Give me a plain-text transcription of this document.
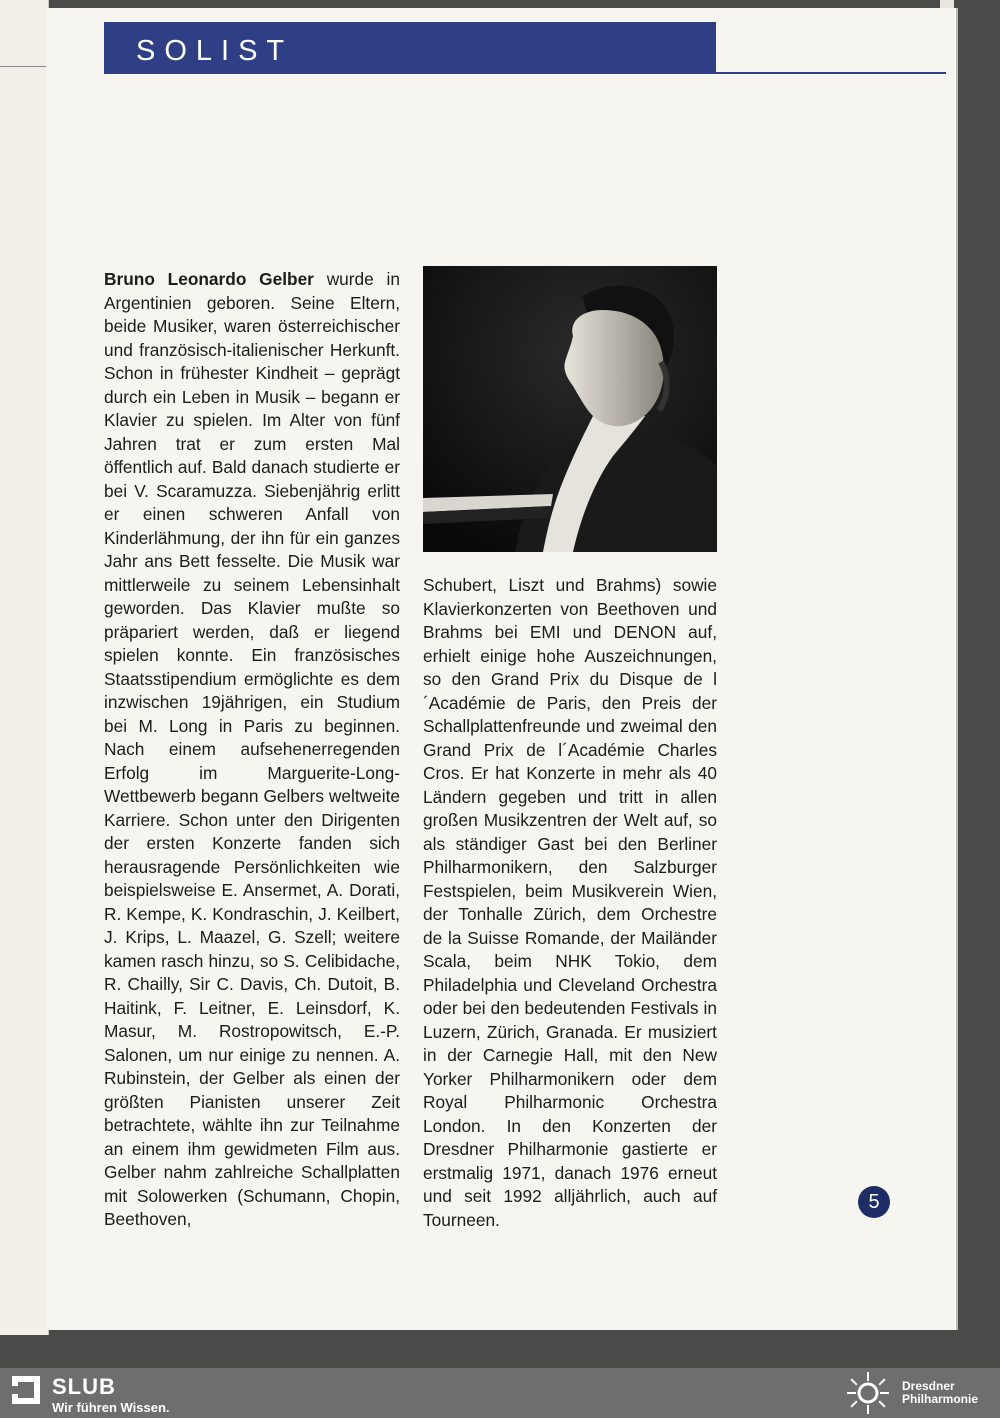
SOLIST
Bruno Leonardo Gelber wurde in Argentinien geboren. Seine Eltern, beide Musiker, waren österreichischer und französisch-italienischer Herkunft. Schon in frühester Kindheit – geprägt durch ein Leben in Musik – begann er Klavier zu spielen. Im Alter von fünf Jahren trat er zum ersten Mal öffentlich auf. Bald danach studierte er bei V. Scaramuzza. Siebenjährig erlitt er einen schweren Anfall von Kinderlähmung, der ihn für ein ganzes Jahr ans Bett fesselte. Die Musik war mittlerweile zu seinem Lebensinhalt geworden. Das Klavier mußte so präpariert werden, daß er liegend spielen konnte. Ein französisches Staatsstipendium ermöglichte es dem inzwischen 19jährigen, ein Studium bei M. Long in Paris zu beginnen. Nach einem aufsehenerregenden Erfolg im Marguerite-Long-Wettbewerb begann Gelbers weltweite Karriere. Schon unter den Dirigenten der ersten Konzerte fanden sich herausragende Persönlichkeiten wie beispielsweise E. Ansermet, A. Dorati, R. Kempe, K. Kondraschin, J. Keilbert, J. Krips, L. Maazel, G. Szell; weitere kamen rasch hinzu, so S. Celibidache, R. Chailly, Sir C. Davis, Ch. Dutoit, B. Haitink, F. Leitner, E. Leinsdorf, K. Masur, M. Rostropowitsch, E.-P. Salonen, um nur einige zu nennen. A. Rubinstein, der Gelber als einen der größten Pianisten unserer Zeit betrachtete, wählte ihn zur Teilnahme an einem ihm gewidmeten Film aus. Gelber nahm zahlreiche Schallplatten mit Solowerken (Schumann, Chopin, Beethoven,
Schubert, Liszt und Brahms) sowie Klavierkonzerten von Beethoven und Brahms bei EMI und DENON auf, erhielt einige hohe Auszeichnungen, so den Grand Prix du Disque de l´Académie de Paris, den Preis der Schallplattenfreunde und zweimal den Grand Prix de l´Académie Charles Cros. Er hat Konzerte in mehr als 40 Ländern gegeben und tritt in allen großen Musikzentren der Welt auf, so als ständiger Gast bei den Berliner Philharmonikern, den Salzburger Festspielen, beim Musikverein Wien, der Tonhalle Zürich, dem Orchestre de la Suisse Romande, der Mailänder Scala, beim NHK Tokio, dem Philadelphia und Cleveland Orchestra oder bei den bedeutenden Festivals in Luzern, Zürich, Granada. Er musiziert in der Carnegie Hall, mit den New Yorker Philharmonikern oder dem Royal Philharmonic Orchestra London. In den Konzerten der Dresdner Philharmonie gastierte er erstmalig 1971, danach 1976 erneut und seit 1992 alljährlich, auch auf Tourneen.
5
SLUB
Wir führen Wissen.
Dresdner
Philharmonie
